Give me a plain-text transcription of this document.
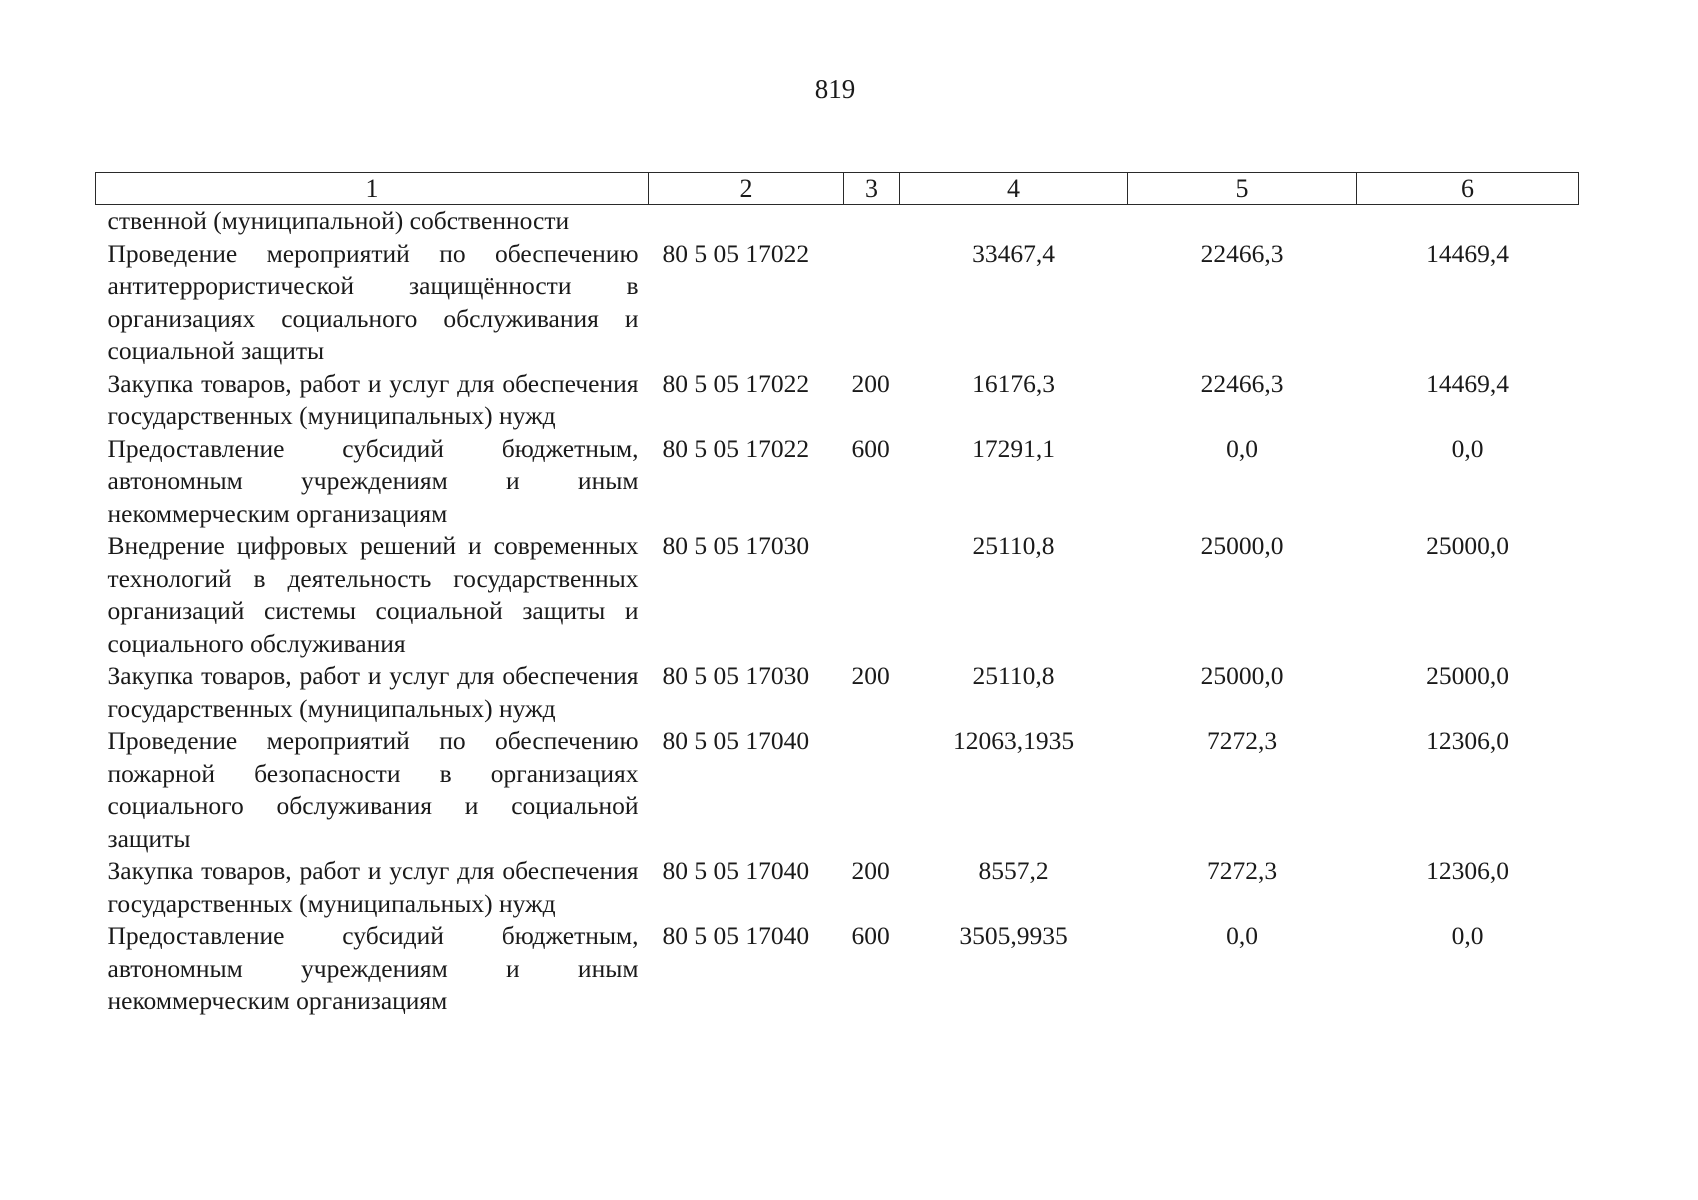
819
1	2	3	4	5	6
ственной (муниципальной) собственности					
Проведение мероприятий по обеспечению антитеррористической защищённости в организациях социального обслуживания и социальной защиты	80 5 05 17022		33467,4	22466,3	14469,4
Закупка товаров, работ и услуг для обеспечения государственных (муниципальных) нужд	80 5 05 17022	200	16176,3	22466,3	14469,4
Предоставление субсидий бюджетным, автономным учреждениям и иным некоммерческим организациям	80 5 05 17022	600	17291,1	0,0	0,0
Внедрение цифровых решений и современных технологий в деятельность государственных организаций системы социальной защиты и социального обслуживания	80 5 05 17030		25110,8	25000,0	25000,0
Закупка товаров, работ и услуг для обеспечения государственных (муниципальных) нужд	80 5 05 17030	200	25110,8	25000,0	25000,0
Проведение мероприятий по обеспечению пожарной безопасности в организациях социального обслуживания и социальной защиты	80 5 05 17040		12063,1935	7272,3	12306,0
Закупка товаров, работ и услуг для обеспечения государственных (муниципальных) нужд	80 5 05 17040	200	8557,2	7272,3	12306,0
Предоставление субсидий бюджетным, автономным учреждениям и иным некоммерческим организациям	80 5 05 17040	600	3505,9935	0,0	0,0
